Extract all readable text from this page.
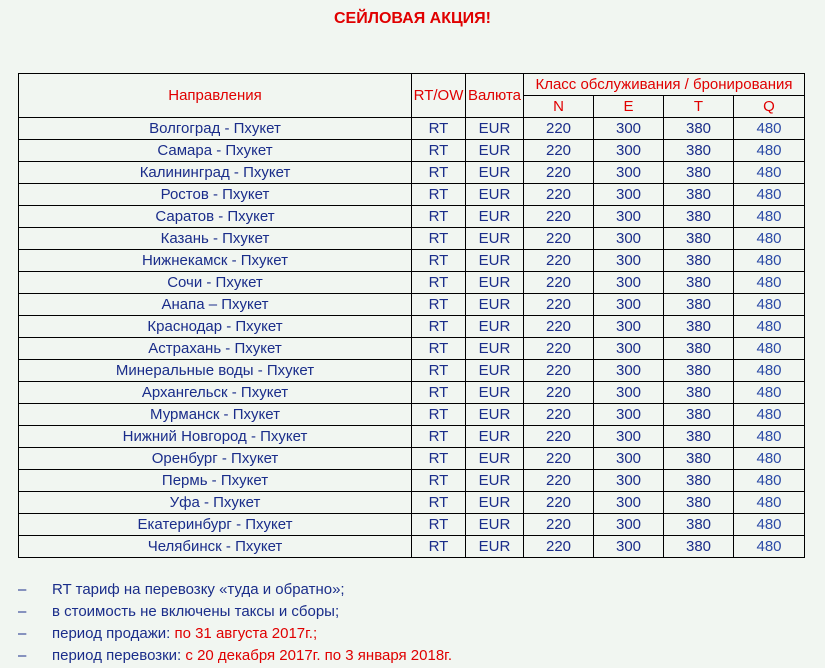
СЕЙЛОВАЯ АКЦИЯ!
Направления	RT/OW	Валюта	Класс обслуживания / бронирования			
			N	E	T	Q
Волгоград - Пхукет	RT	EUR	220	300	380	480
Самара - Пхукет	RT	EUR	220	300	380	480
Калининград - Пхукет	RT	EUR	220	300	380	480
Ростов - Пхукет	RT	EUR	220	300	380	480
Саратов - Пхукет	RT	EUR	220	300	380	480
Казань - Пхукет	RT	EUR	220	300	380	480
Нижнекамск - Пхукет	RT	EUR	220	300	380	480
Сочи - Пхукет	RT	EUR	220	300	380	480
Анапа – Пхукет	RT	EUR	220	300	380	480
Краснодар - Пхукет	RT	EUR	220	300	380	480
Астрахань - Пхукет	RT	EUR	220	300	380	480
Минеральные воды - Пхукет	RT	EUR	220	300	380	480
Архангельск - Пхукет	RT	EUR	220	300	380	480
Мурманск - Пхукет	RT	EUR	220	300	380	480
Нижний Новгород - Пхукет	RT	EUR	220	300	380	480
Оренбург - Пхукет	RT	EUR	220	300	380	480
Пермь - Пхукет	RT	EUR	220	300	380	480
Уфа - Пхукет	RT	EUR	220	300	380	480
Екатеринбург - Пхукет	RT	EUR	220	300	380	480
Челябинск - Пхукет	RT	EUR	220	300	380	480
– RT тариф на перевозку «туда и обратно»;
– в стоимость не включены таксы и сборы;
– период продажи: по 31 августа 2017г.;
– период перевозки: с 20 декабря 2017г. по 3 января 2018г.
